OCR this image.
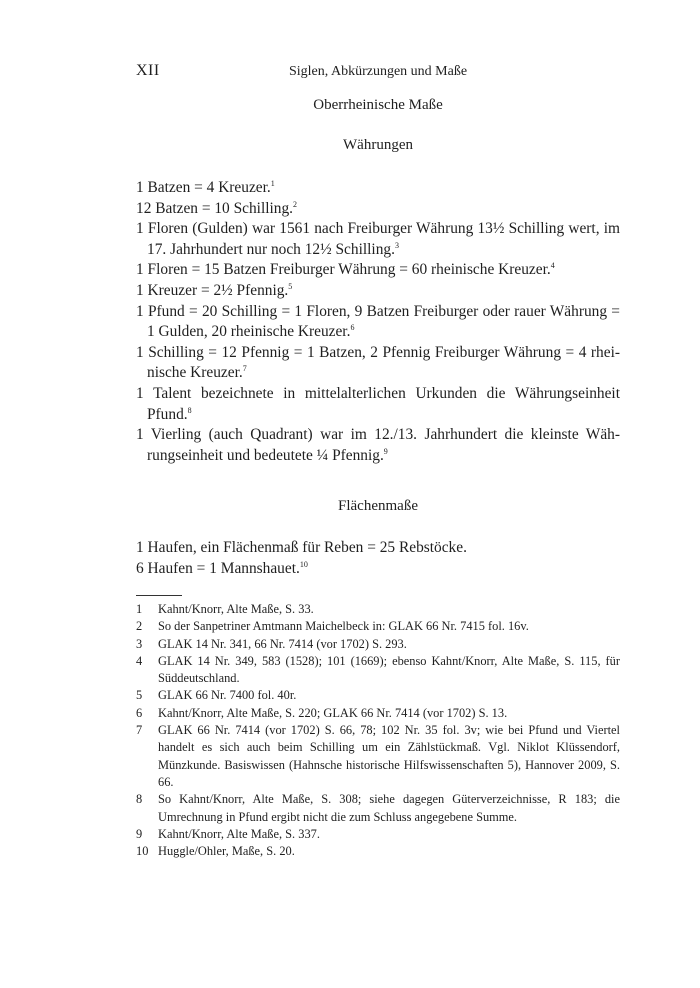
XII	Siglen, Abkürzungen und Maße
Oberrheinische Maße
Währungen
1 Batzen = 4 Kreuzer.$^1$
12 Batzen = 10 Schilling.$^2$
1 Floren (Gulden) war 1561 nach Freiburger Währung 13½ Schilling wert, im 17. Jahrhundert nur noch 12½ Schilling.$^3$
1 Floren = 15 Batzen Freiburger Währung = 60 rheinische Kreuzer.$^4$
1 Kreuzer = 2½ Pfennig.$^5$
1 Pfund = 20 Schilling = 1 Floren, 9 Batzen Freiburger oder rauer Währung = 1 Gulden, 20 rheinische Kreuzer.$^6$
1 Schilling = 12 Pfennig = 1 Batzen, 2 Pfennig Freiburger Währung = 4 rheinische Kreuzer.$^7$
1 Talent bezeichnete in mittelalterlichen Urkunden die Währungseinheit Pfund.$^8$
1 Vierling (auch Quadrant) war im 12./13. Jahrhundert die kleinste Währungseinheit und bedeutete ¼ Pfennig.$^9$
Flächenmaße
1 Haufen, ein Flächenmaß für Reben = 25 Rebstöcke.
6 Haufen = 1 Mannshauet.$^{10}$
1	Kahnt/Knorr, Alte Maße, S. 33.
2	So der Sanpetriner Amtmann Maichelbeck in: GLAK 66 Nr. 7415 fol. 16v.
3	GLAK 14 Nr. 341, 66 Nr. 7414 (vor 1702) S. 293.
4	GLAK 14 Nr. 349, 583 (1528); 101 (1669); ebenso Kahnt/Knorr, Alte Maße, S. 115, für Süddeutschland.
5	GLAK 66 Nr. 7400 fol. 40r.
6	Kahnt/Knorr, Alte Maße, S. 220; GLAK 66 Nr. 7414 (vor 1702) S. 13.
7	GLAK 66 Nr. 7414 (vor 1702) S. 66, 78; 102 Nr. 35 fol. 3v; wie bei Pfund und Viertel handelt es sich auch beim Schilling um ein Zählstückmaß. Vgl. Niklot Klüssendorf, Münzkunde. Basiswissen (Hahnsche historische Hilfswissenschaften 5), Hannover 2009, S. 66.
8	So Kahnt/Knorr, Alte Maße, S. 308; siehe dagegen Güterverzeichnisse, R 183; die Umrechnung in Pfund ergibt nicht die zum Schluss angegebene Summe.
9	Kahnt/Knorr, Alte Maße, S. 337.
10 Huggle/Ohler, Maße, S. 20.
